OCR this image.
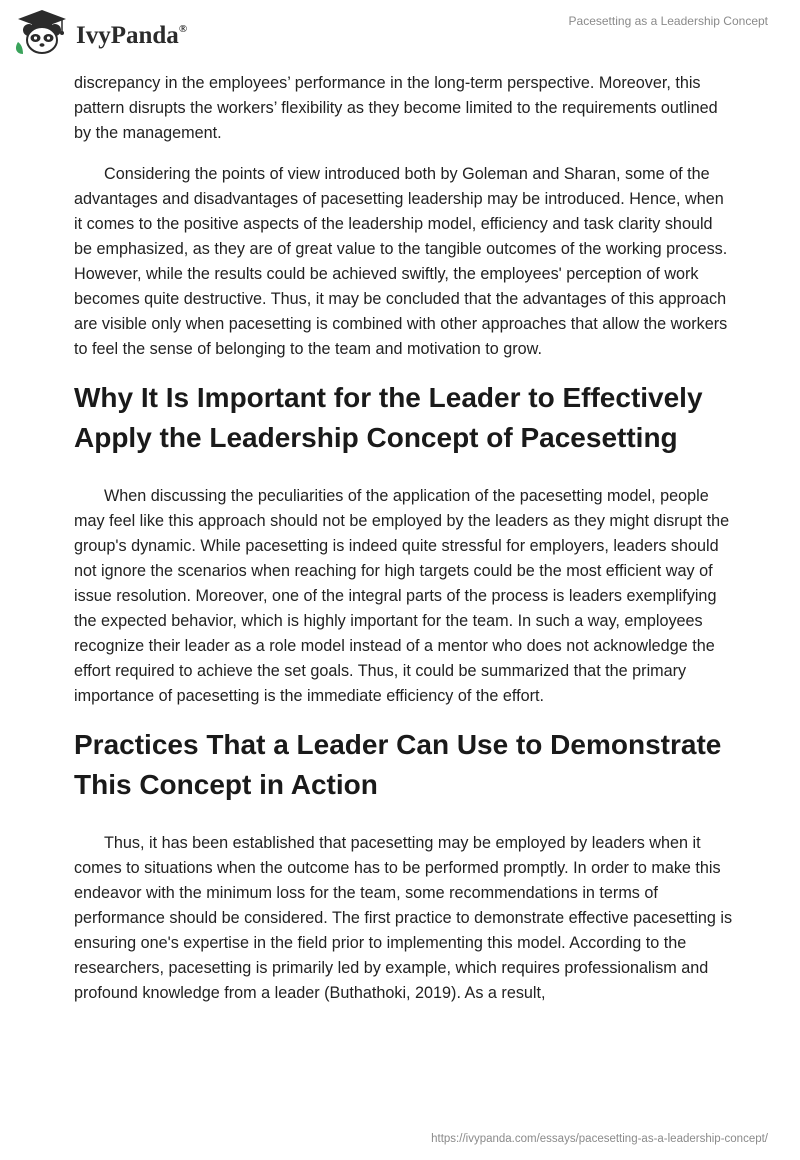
IvyPanda®
Pacesetting as a Leadership Concept

discrepancy in the employees’ performance in the long-term perspective. Moreover, this pattern disrupts the workers’ flexibility as they become limited to the requirements outlined by the management.

Considering the points of view introduced both by Goleman and Sharan, some of the advantages and disadvantages of pacesetting leadership may be introduced. Hence, when it comes to the positive aspects of the leadership model, efficiency and task clarity should be emphasized, as they are of great value to the tangible outcomes of the working process. However, while the results could be achieved swiftly, the employees' perception of work becomes quite destructive. Thus, it may be concluded that the advantages of this approach are visible only when pacesetting is combined with other approaches that allow the workers to feel the sense of belonging to the team and motivation to grow.

Why It Is Important for the Leader to Effectively Apply the Leadership Concept of Pacesetting

When discussing the peculiarities of the application of the pacesetting model, people may feel like this approach should not be employed by the leaders as they might disrupt the group's dynamic. While pacesetting is indeed quite stressful for employers, leaders should not ignore the scenarios when reaching for high targets could be the most efficient way of issue resolution. Moreover, one of the integral parts of the process is leaders exemplifying the expected behavior, which is highly important for the team. In such a way, employees recognize their leader as a role model instead of a mentor who does not acknowledge the effort required to achieve the set goals. Thus, it could be summarized that the primary importance of pacesetting is the immediate efficiency of the effort.

Practices That a Leader Can Use to Demonstrate This Concept in Action

Thus, it has been established that pacesetting may be employed by leaders when it comes to situations when the outcome has to be performed promptly. In order to make this endeavor with the minimum loss for the team, some recommendations in terms of performance should be considered. The first practice to demonstrate effective pacesetting is ensuring one's expertise in the field prior to implementing this model. According to the researchers, pacesetting is primarily led by example, which requires professionalism and profound knowledge from a leader (Buthathoki, 2019). As a result,

https://ivypanda.com/essays/pacesetting-as-a-leadership-concept/
